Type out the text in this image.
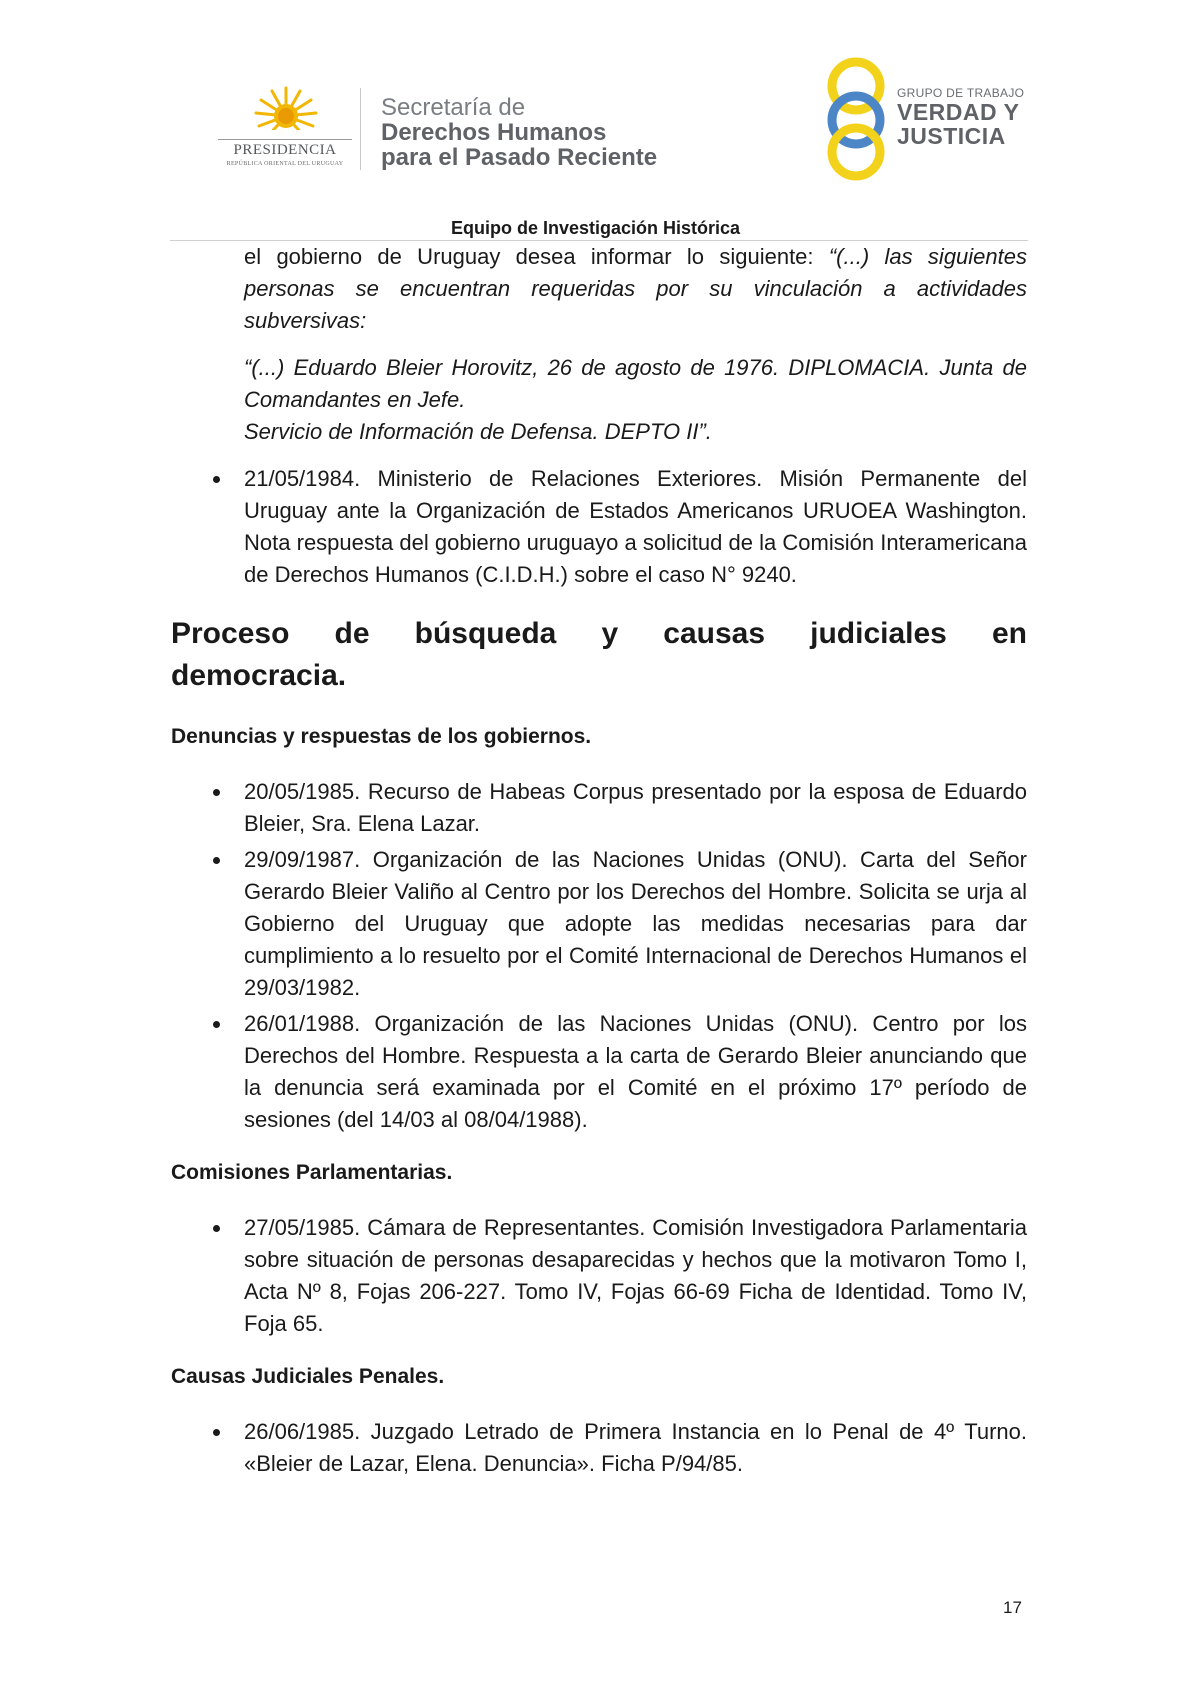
PRESIDENCIA
REPÚBLICA ORIENTAL DEL URUGUAY
Secretaría de
Derechos Humanos
para el Pasado Reciente
GRUPO DE TRABAJO
VERDAD Y
JUSTICIA
Equipo de Investigación Histórica

el gobierno de Uruguay desea informar lo siguiente: “(...) las siguientes personas se encuentran requeridas por su vinculación a actividades subversivas:

“(...) Eduardo Bleier Horovitz, 26 de agosto de 1976. DIPLOMACIA. Junta de Comandantes en Jefe.
Servicio de Información de Defensa. DEPTO II”.

21/05/1984. Ministerio de Relaciones Exteriores. Misión Permanente del Uruguay ante la Organización de Estados Americanos URUOEA Washington. Nota respuesta del gobierno uruguayo a solicitud de la Comisión Interamericana de Derechos Humanos (C.I.D.H.) sobre el caso N° 9240.
Proceso de búsqueda y causas judiciales en
democracia.
Denuncias y respuestas de los gobiernos.
20/05/1985. Recurso de Habeas Corpus presentado por la esposa de Eduardo Bleier, Sra. Elena Lazar.
29/09/1987. Organización de las Naciones Unidas (ONU). Carta del Señor Gerardo Bleier Valiño al Centro por los Derechos del Hombre. Solicita se urja al Gobierno del Uruguay que adopte las medidas necesarias para dar cumplimiento a lo resuelto por el Comité Internacional de Derechos Humanos el 29/03/1982.
26/01/1988. Organización de las Naciones Unidas (ONU). Centro por los Derechos del Hombre. Respuesta a la carta de Gerardo Bleier anunciando que la denuncia será examinada por el Comité en el próximo 17º período de sesiones (del 14/03 al 08/04/1988).
Comisiones Parlamentarias.
27/05/1985. Cámara de Representantes. Comisión Investigadora Parlamentaria sobre situación de personas desaparecidas y hechos que la motivaron Tomo I, Acta Nº 8, Fojas 206-227. Tomo IV, Fojas 66-69 Ficha de Identidad. Tomo IV, Foja 65.
Causas Judiciales Penales.
26/06/1985. Juzgado Letrado de Primera Instancia en lo Penal de 4º Turno. «Bleier de Lazar, Elena. Denuncia». Ficha P/94/85.
17
